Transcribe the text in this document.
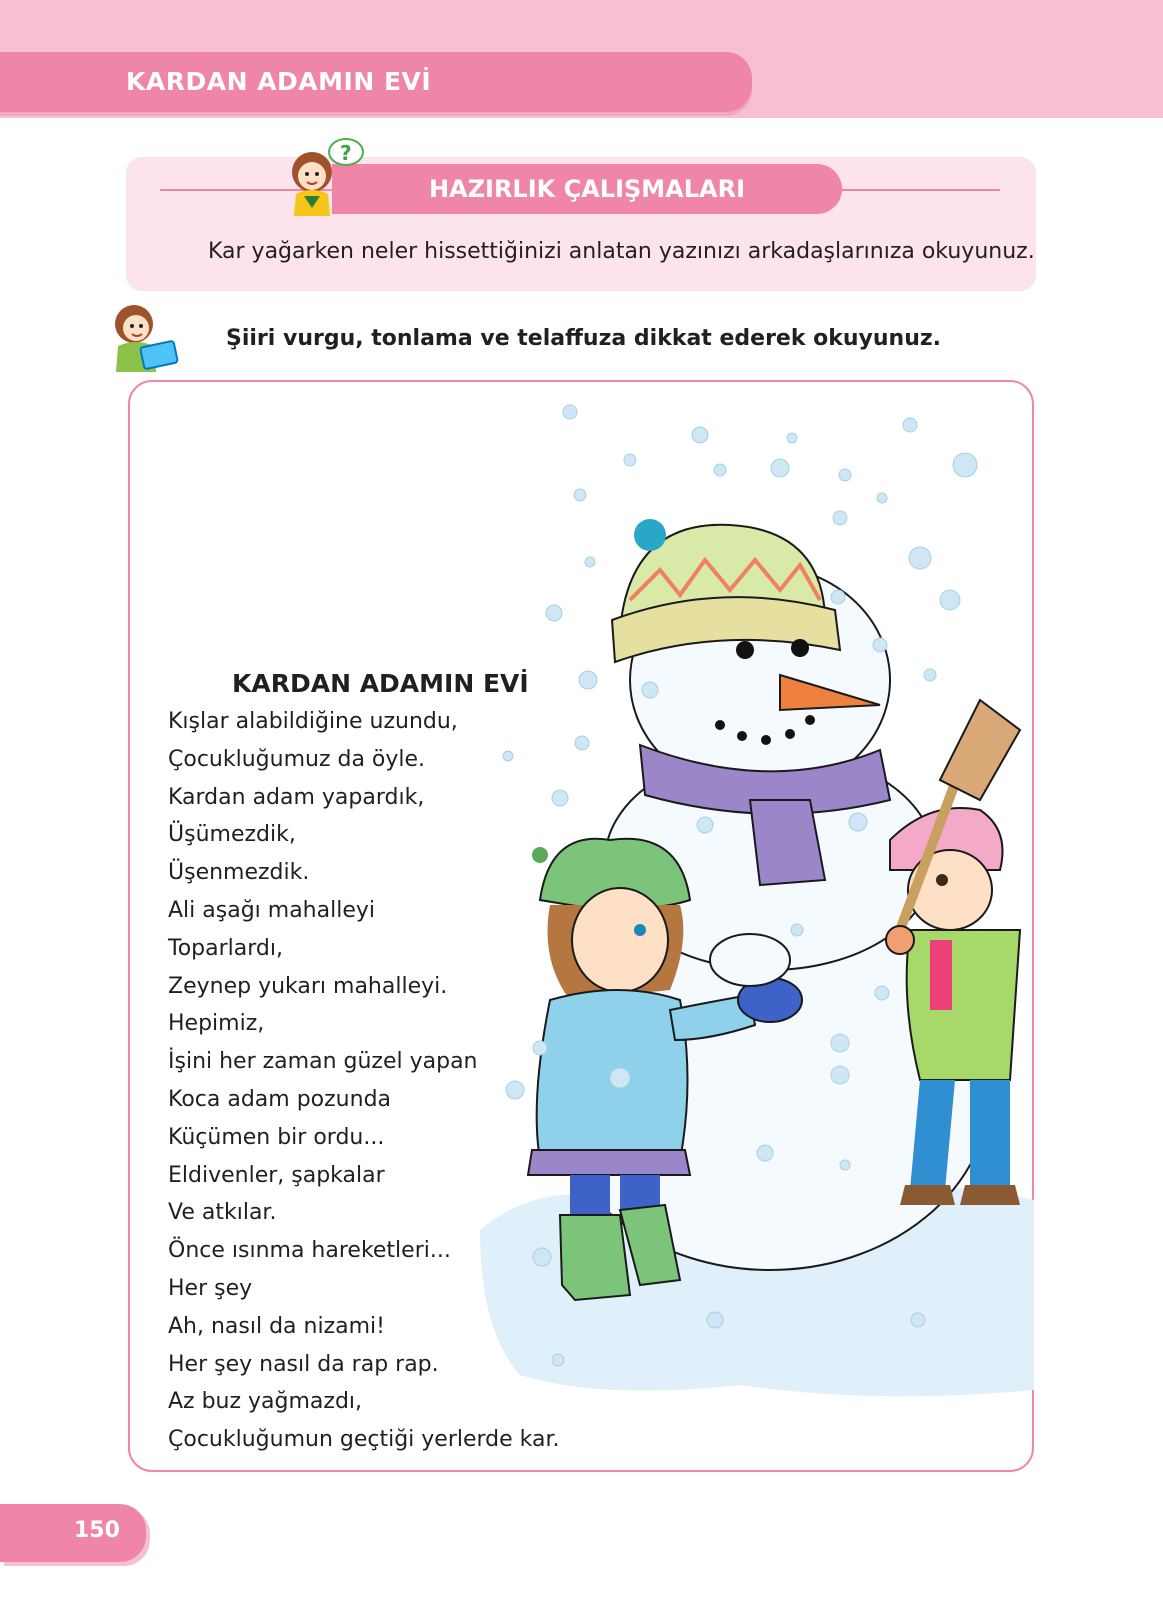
KARDAN ADAMIN EVİ
HAZIRLIK ÇALIŞMALARI
?
Kar yağarken neler hissettiğinizi anlatan yazınızı arkadaşlarınıza okuyunuz.
Şiiri vurgu, tonlama ve telaffuza dikkat ederek okuyunuz.
KARDAN ADAMIN EVİ
Kışlar alabildiğine uzundu,
Çocukluğumuz da öyle.
Kardan adam yapardık,
Üşümezdik,
Üşenmezdik.
Ali aşağı mahalleyi
Toparlardı,
Zeynep yukarı mahalleyi.
Hepimiz,
İşini her zaman güzel yapan
Koca adam pozunda
Küçümen bir ordu...
Eldivenler, şapkalar
Ve atkılar.
Önce ısınma hareketleri...
Her şey
Ah, nasıl da nizami!
Her şey nasıl da rap rap.
Az buz yağmazdı,
Çocukluğumun geçtiği yerlerde kar.
150
